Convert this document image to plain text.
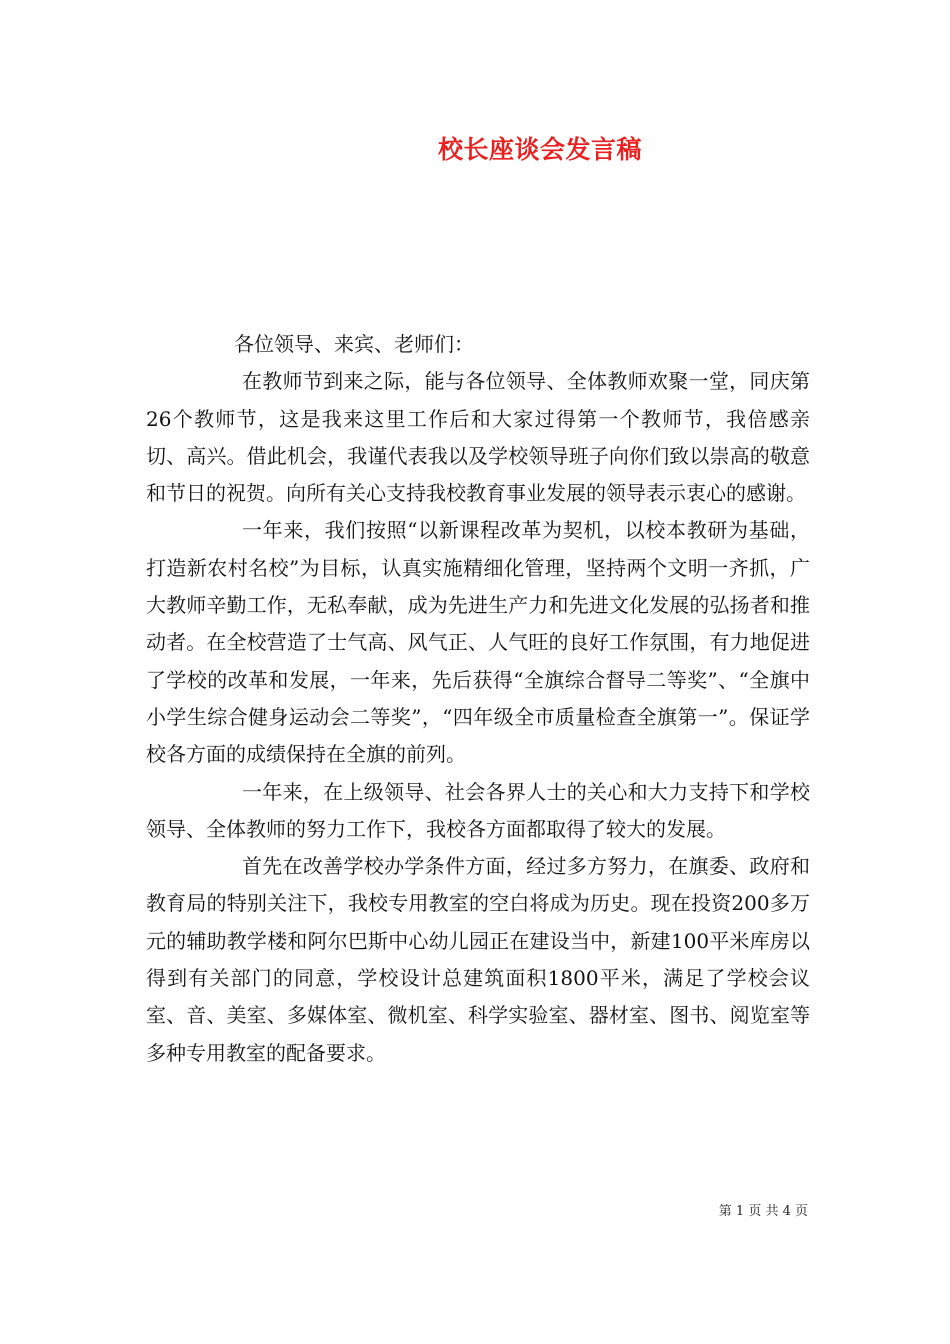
校长座谈会发言稿

各位领导、来宾、老师们：

在教师节到来之际，能与各位领导、全体教师欢聚一堂，同庆第26个教师节，这是我来这里工作后和大家过得第一个教师节，我倍感亲切、高兴。借此机会，我谨代表我以及学校领导班子向你们致以崇高的敬意和节日的祝贺。向所有关心支持我校教育事业发展的领导表示衷心的感谢。

一年来，我们按照“以新课程改革为契机，以校本教研为基础，打造新农村名校”为目标，认真实施精细化管理，坚持两个文明一齐抓，广大教师辛勤工作，无私奉献，成为先进生产力和先进文化发展的弘扬者和推动者。在全校营造了士气高、风气正、人气旺的良好工作氛围，有力地促进了学校的改革和发展，一年来，先后获得“全旗综合督导二等奖”、“全旗中小学生综合健身运动会二等奖”，“四年级全市质量检查全旗第一”。保证学校各方面的成绩保持在全旗的前列。

一年来，在上级领导、社会各界人士的关心和大力支持下和学校领导、全体教师的努力工作下，我校各方面都取得了较大的发展。

首先在改善学校办学条件方面，经过多方努力，在旗委、政府和教育局的特别关注下，我校专用教室的空白将成为历史。现在投资200多万元的辅助教学楼和阿尔巴斯中心幼儿园正在建设当中，新建100平米库房以得到有关部门的同意，学校设计总建筑面积1800平米，满足了学校会议室、音、美室、多媒体室、微机室、科学实验室、器材室、图书、阅览室等多种专用教室的配备要求。

第 1 页 共 4 页
